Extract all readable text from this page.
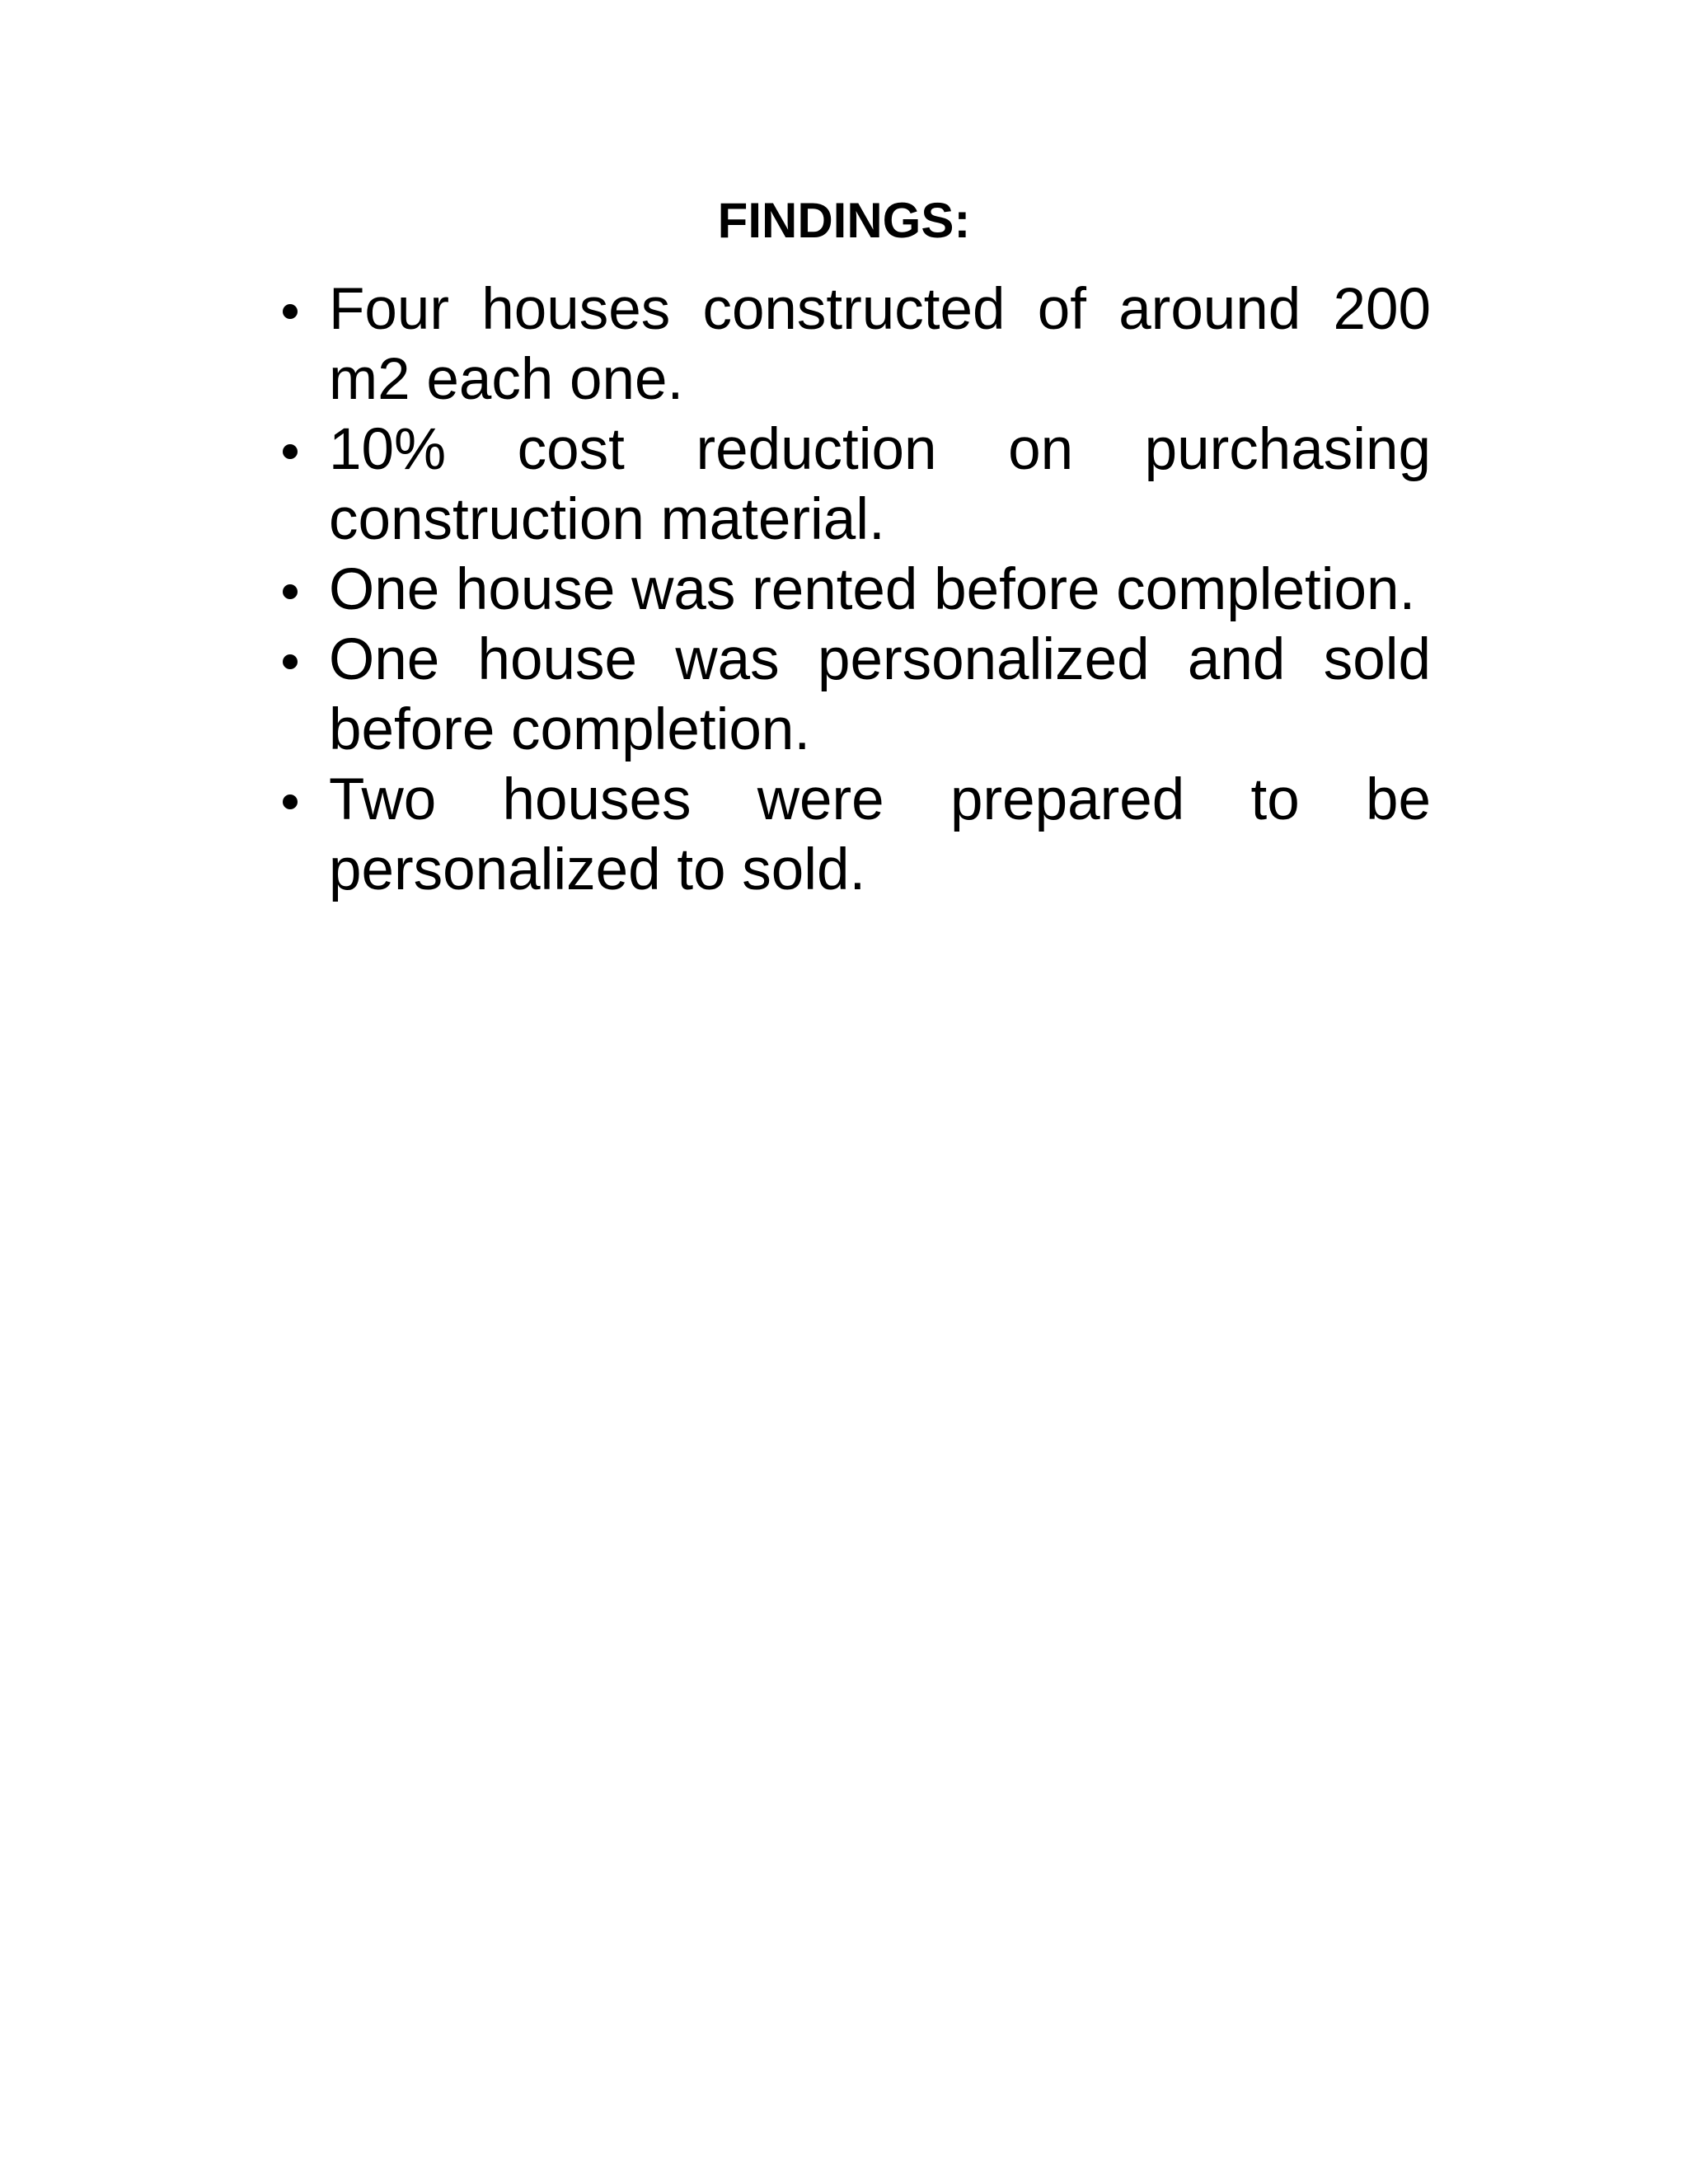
FINDINGS:
Four houses constructed of around 200 m2 each one.
10% cost reduction on purchasing construction material.
One house was rented before completion.
One house was personalized and sold before completion.
Two houses were prepared to be personalized to sold.
